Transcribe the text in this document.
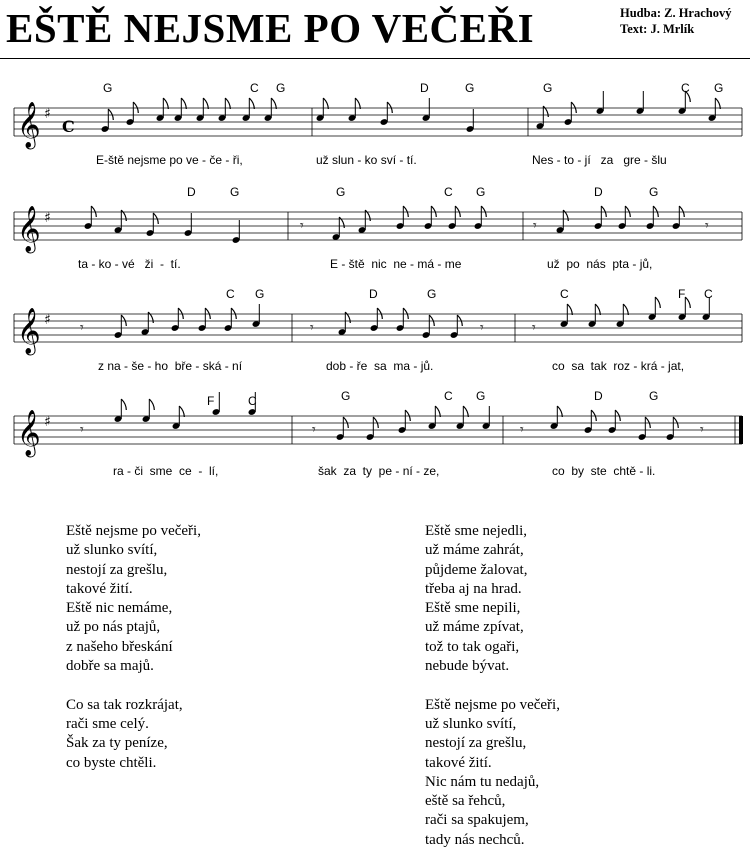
EŠTĚ NEJSME PO VEČEŘI	Hudba: Z. Hrachový
Text: J. Mrlík
G	C G	D	G	G	C G
𝄞 ♯
C
E-ště nejsme po ve - če - ři,	už slun - ko sví - tí.	Nes - to - jí   za   gre - šlu
D	G	G	C G	D	G
𝄞 ♯	𝄾	𝄾	𝄾
ta - ko - vé   ži  -  tí.	E - ště  nic  ne - má - me	už  po  nás  pta - jů,
C G	D	G	C	F C
𝄞 ♯ 𝄾	𝄾	𝄾	𝄾
z na - še - ho  bře - ská - ní	dob - ře  sa  ma - jů.	co  sa  tak  roz - krá - jat,
F	C	G	C G	D	G
𝄞 ♯ 𝄾	𝄾	𝄾	𝄾
ra - či  sme  ce  -  lí,	šak  za  ty  pe - ní - ze,	co  by  ste  chtě - li.
Eště nejsme po večeři,
už slunko svítí,
nestojí za grešlu,
takové žití.
Eště nic nemáme,
už po nás ptajů,
z našeho břeskání
dobře sa majů.
Co sa tak rozkrájat,
rači sme celý.
Šak za ty peníze,
co byste chtěli.
Eště sme nejedli,
už máme zahrát,
půjdeme žalovat,
třeba aj na hrad.
Eště sme nepili,
už máme zpívat,
tož to tak ogaři,
nebude bývat.
Eště nejsme po večeři,
už slunko svítí,
nestojí za grešlu,
takové žití.
Nic nám tu nedajů,
eště sa řehců,
rači sa spakujem,
tady nás nechců.
